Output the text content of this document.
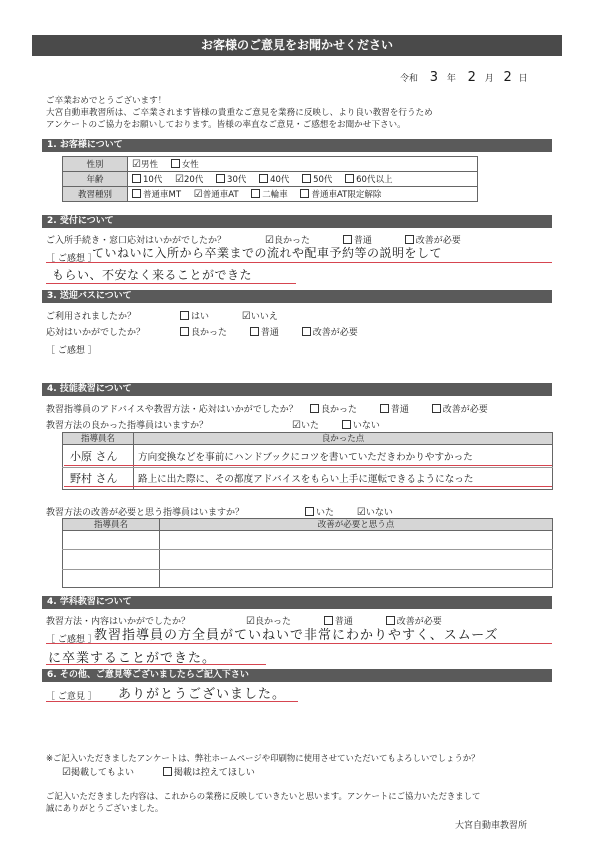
お客様のご意見をお聞かせください
令和 3 年 2 月 2 日
ご卒業おめでとうございます！
大宮自動車教習所は、ご卒業されます皆様の貴重なご意見を業務に反映し、より良い教習を行うため
アンケートのご協力をお願いしております。皆様の率直なご意見・ご感想をお聞かせ下さい。
1. お客様について
性別	☑男性 女性
年齢	10代 ☑20代 30代 40代 50代 60代以上
教習種別	普通車MT ☑普通車AT 二輪車 普通車AT限定解除
2. 受付について
ご入所手続き・窓口応対はいかがでしたか？	☑良かった	普通	改善が必要
［ ご感想 ］
ていねいに入所から卒業までの流れや配車予約等の説明をして
もらい、不安なく来ることができた
3. 送迎バスについて
ご利用されましたか？	はい	☑いいえ
応対はいかがでしたか？	良かった	普通	改善が必要
［ ご感想 ］
4. 技能教習について
教習指導員のアドバイスや教習方法・応対はいかがでしたか？	良かった	普通	改善が必要
教習方法の良かった指導員はいますか？	☑いた	いない
指導員名	良かった点
小原 さん 方向変換などを事前にハンドブックにコツを書いていただきわかりやすかった
野村 さん 路上に出た際に、その都度アドバイスをもらい上手に運転できるようになった
教習方法の改善が必要と思う指導員はいますか？	いた ☑いない
指導員名	改善が必要と思う点
4. 学科教習について
教習方法・内容はいかがでしたか？	☑良かった	普通	改善が必要
［ ご感想 ］
教習指導員の方全員がていねいで非常にわかりやすく、スムーズ
に卒業することができた。
6. その他、ご意見等ございましたらご記入下さい
［ ご意見 ］ ありがとうございました。
※ご記入いただきましたアンケートは、弊社ホームページや印刷物に使用させていただいてもよろしいでしょうか？
☑掲載してもよい	掲載は控えてほしい
ご記入いただきました内容は、これからの業務に反映していきたいと思います。アンケートにご協力いただきまして
誠にありがとうございました。
大宮自動車教習所
